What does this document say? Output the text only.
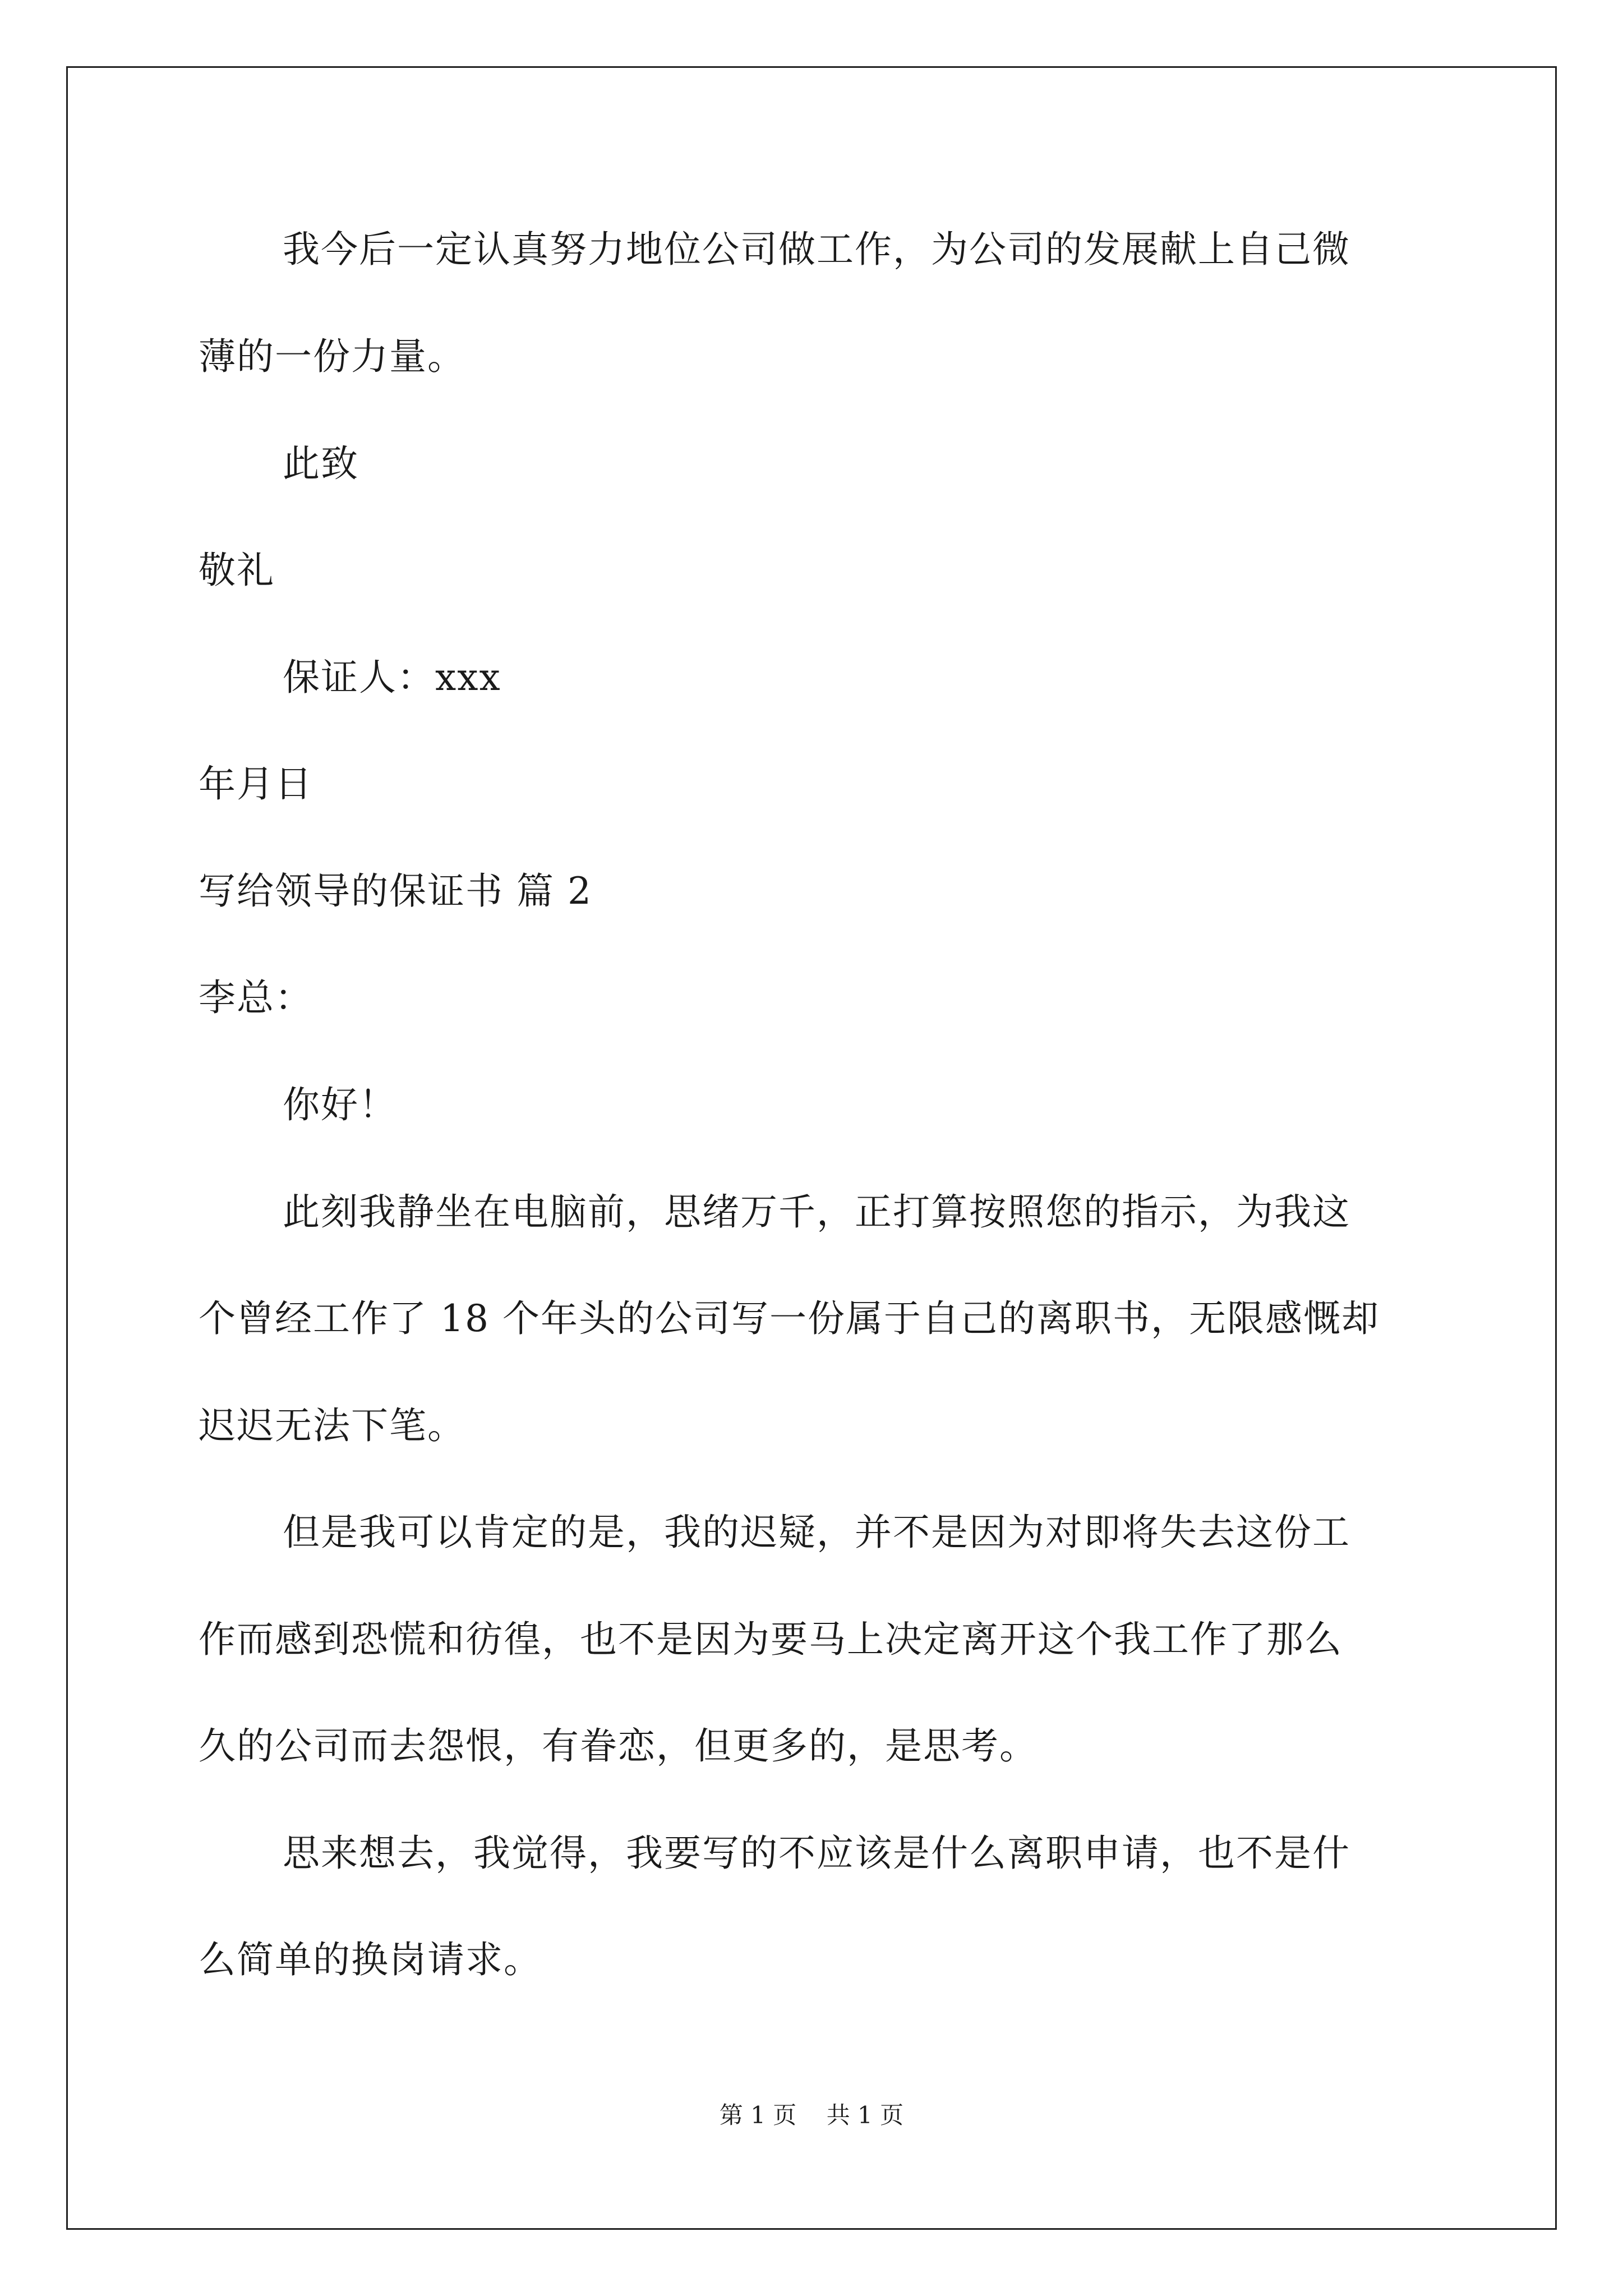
我今后一定认真努力地位公司做工作，为公司的发展献上自己微
薄的一份力量。
此致
敬礼
保证人：xxx
年月日
写给领导的保证书 篇 2
李总：
你好！
此刻我静坐在电脑前，思绪万千，正打算按照您的指示，为我这
个曾经工作了 18 个年头的公司写一份属于自己的离职书，无限感慨却
迟迟无法下笔。
但是我可以肯定的是，我的迟疑，并不是因为对即将失去这份工
作而感到恐慌和彷徨，也不是因为要马上决定离开这个我工作了那么
久的公司而去怨恨，有眷恋，但更多的，是思考。
思来想去，我觉得，我要写的不应该是什么离职申请，也不是什
么简单的换岗请求。
第 1 页    共 1 页
